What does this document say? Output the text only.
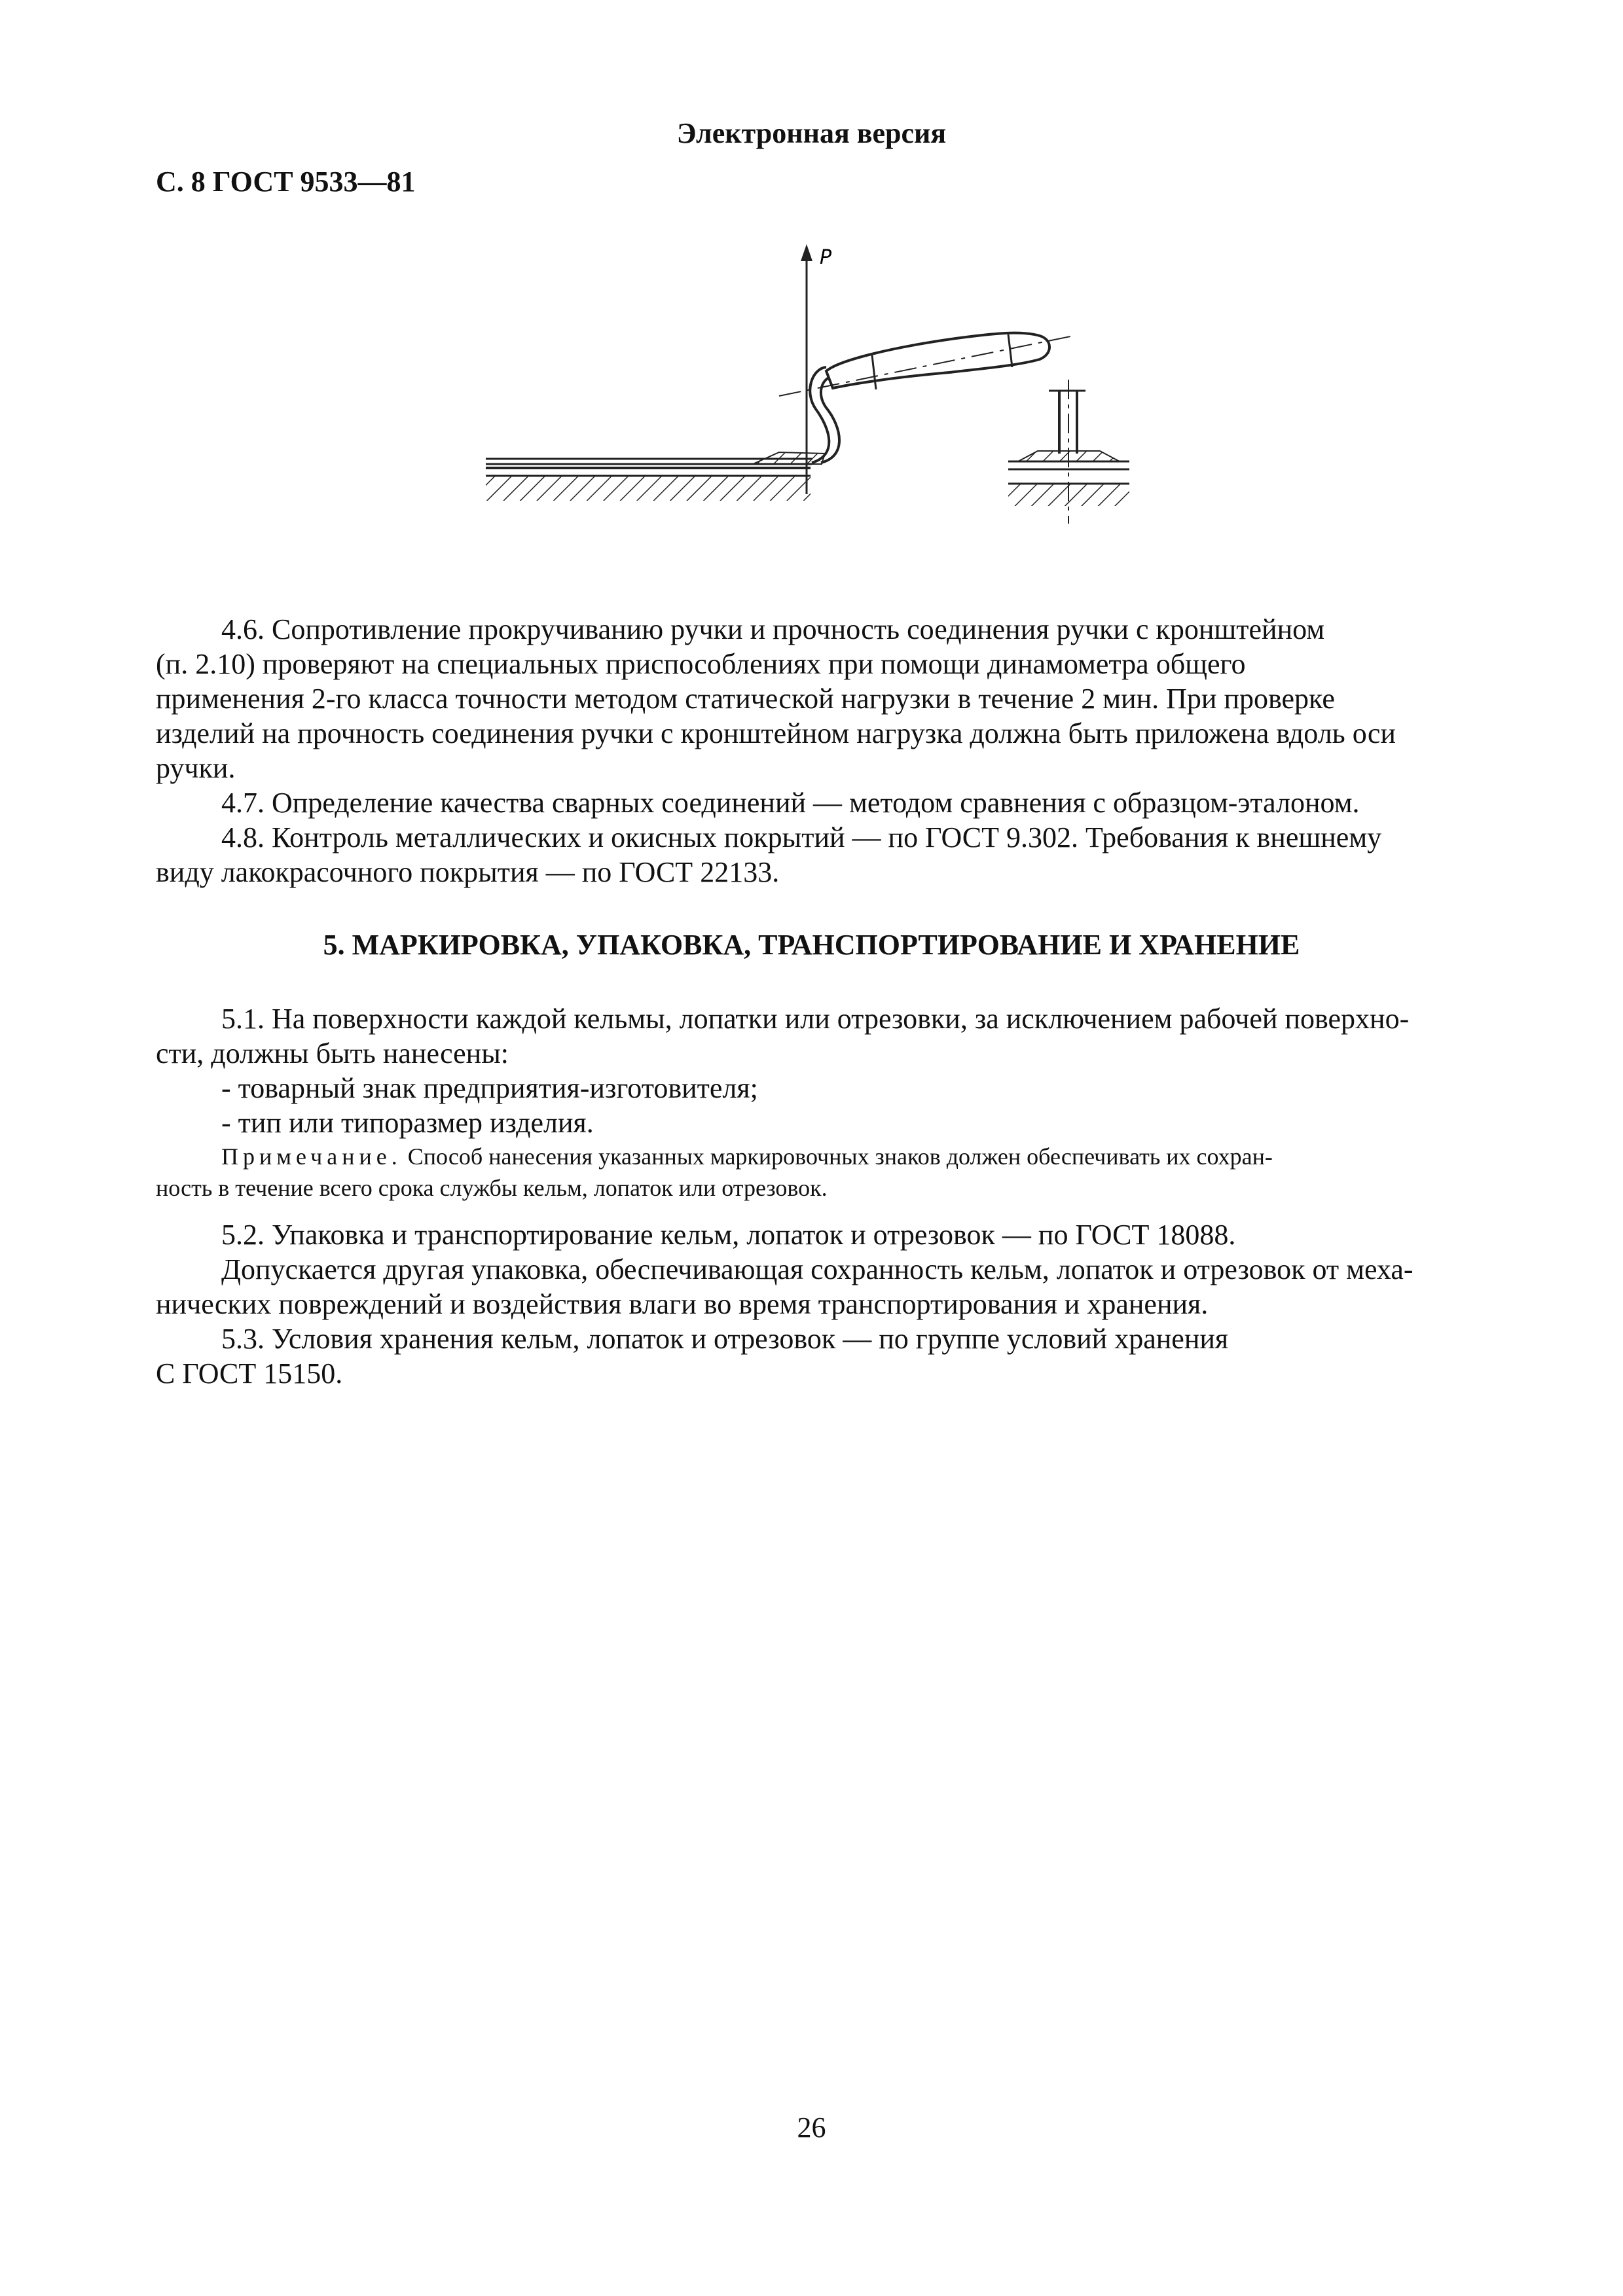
Электронная версия
С. 8 ГОСТ 9533—81
P

4.6. Сопротивление прокручиванию ручки и прочность соединения ручки с кронштейном

(п. 2.10) проверяют на специальных приспособлениях при помощи динамометра общего

применения 2-го класса точности методом статической нагрузки в течение 2 мин. При проверке

изделий на прочность соединения ручки с кронштейном нагрузка должна быть приложена вдоль оси

ручки.

4.7. Определение качества сварных соединений — методом сравнения с образцом-эталоном.

4.8. Контроль металлических и окисных покрытий — по ГОСТ 9.302. Требования к внешнему

виду лакокрасочного покрытия — по ГОСТ 22133.

5. МАРКИРОВКА, УПАКОВКА, ТРАНСПОРТИРОВАНИЕ И ХРАНЕНИЕ

5.1. На поверхности каждой кельмы, лопатки или отрезовки, за исключением рабочей поверхно-

сти, должны быть нанесены:

- товарный знак предприятия-изготовителя;

- тип или типоразмер изделия.

Примечание. Способ нанесения указанных маркировочных знаков должен обеспечивать их сохран-

ность в течение всего срока службы кельм, лопаток или отрезовок.

5.2. Упаковка и транспортирование кельм, лопаток и отрезовок — по ГОСТ 18088.

Допускается другая упаковка, обеспечивающая сохранность кельм, лопаток и отрезовок от меха-

нических повреждений и воздействия влаги во время транспортирования и хранения.

5.3. Условия хранения кельм, лопаток и отрезовок — по группе условий хранения

С ГОСТ 15150.

26
